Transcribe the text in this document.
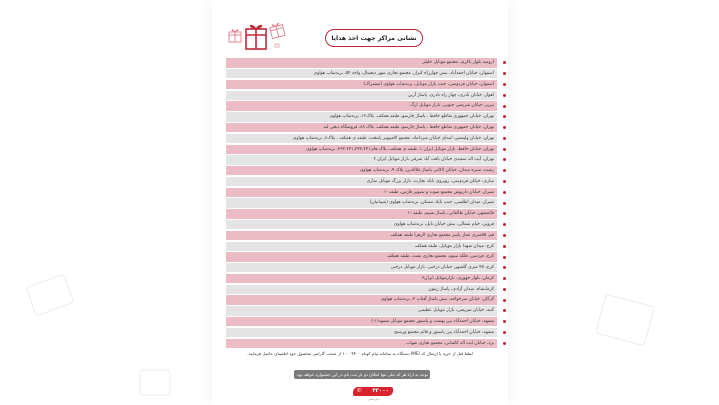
نشانی مراکز جهت اخذ هدایا
ارومیه بلوار باکری، مجتمع موبایل خلیلی
اصفهان، خیابان احمدآباد، نبش چهارراه کنزار، مجتمع تجاری شهر دیجیتال، واحد ۵۴، برندشاپ هواوی
اصفهان، خیابان فردوسی، جنب بازار موبایل، برندشاپ هواوی (مشتراک)
اهواز، خیابان نادری، چهار راه نادری، پاساژ آرین
تبریز، خیابان شریعتی جنوبی، بازار موبایل ارگ
تهران، خیابان جمهوری تقاطع حافظ ، پاساژ چارسو، طبقه همکف، پلاک۱۲، برندشاپ هواوی
تهران، خیابان جمهوری تقاطع حافظ ، پاساژ چارسو، طبقه همکف، پلاک ۸۸، فروشگاه دیجی لند
تهران، خیابان ولیعصر، ابتدای خیابان میرداماد، مجتمع کامپیوتر پایتخت، طبقه ی همکف ، پلاک۶، برندشاپ هواوی
تهران، خیابان حافظ، بازار موبایل ایران ۱، طبقه ی همکف، پلاک های۲۳۲،۲۳۱،۲۴۲،۲۴۱، برندشاپ هواوی
تهران، آیت اله سعیدی خیابان یافت آباد شرقی بازار موبایل ایران ۲
رشت، سبزه میدان، خیابان لاکانی پاساژ علاالدین، پلاک ۹، برندشاپ هواوی
ساری، خیابان فردوسی، روبروی بانک تجارت، بازار بزرگ موبایل ساری
شیراز، خیابان داریوش مجتمع صوت و تصویر فارس، طبقه -۱
شیراز، میدان اطلسی، جنب بانک مسکن، برندشاپ هواوی (شیبانیان)
قائمشهر، خیابان طالقانی، پاساژ نسیم، طبقه -۱
قزوین، خیام شمالی، نبش خیابان نایل، برندشاپ هواوی
قم، ۵۵متری عمار یاسر مجتمع تجاری الزهرا طبقه همکف
کرج، میدان شهدا بازار موبایل، طبقه همکف
کرج، فردیس، فلکه سوم، مجتمع تجاری بعثت، طبقه همکف
کرج، ۴۵ متری گلشهر، خیابان درختی، بازار موبایل درختی
کرمان، بلوار جهوری، بازارموبایل ایران۳
کرمانشاه، میدان آزادی، پاساژ زیتون
گرگان، خیابان سرخواجه، نبش پاساژ آفتاب ۲، برندشاپ هواوی
گنبد، خیابان شریعتی، بازار موبایل عظیمی
مشهد، خیابان احمدآباد بین بهشت و پاستور مجتمع موبایل مشهد(۱-)
مشهد، خیابان احمدآباد بین پاستور و قائم مجتمع ورسیح
یزد، خیابان ایت اله کاشانی، مجتمع تجاری شهاب
لطفا قبل از خرید با ارسال کد IMEI دستگاه به سامانه پیام کوتاه ۱۰۰۰۴۴۰۰ از صحت گارانتی محصول خود اطمینان حاصل فرمایید.
توجه به ازاء هر کد ملی تنها امکان دو بار ثبت نام در این جشنواره خواهد بود.
✆ ۴۲۰۰۰
مرکز تماس
